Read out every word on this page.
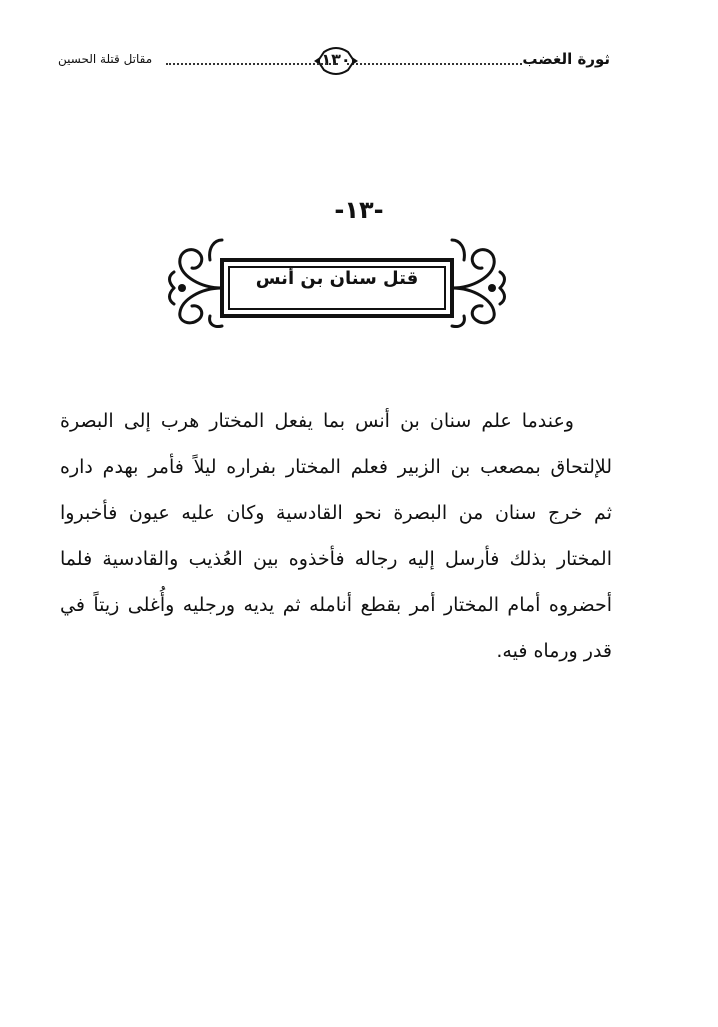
ثورة الغضب
١٣٠
مقاتل قتلة الحسين
-١٣-
قتل سنان بن أنس
وعندما علم سنان بن أنس بما يفعل المختار هرب إلى البصرة
للإلتحاق بمصعب بن الزبير فعلم المختار بفراره ليلاً فأمر بهدم داره
ثم خرج سنان من البصرة نحو القادسية وكان عليه عيون فأخبروا
المختار بذلك فأرسل إليه رجاله فأخذوه بين العُذيب والقادسية فلما
أحضروه أمام المختار أمر بقطع أنامله ثم يديه ورجليه وأُغلى زيتاً في
قدر ورماه فيه.
